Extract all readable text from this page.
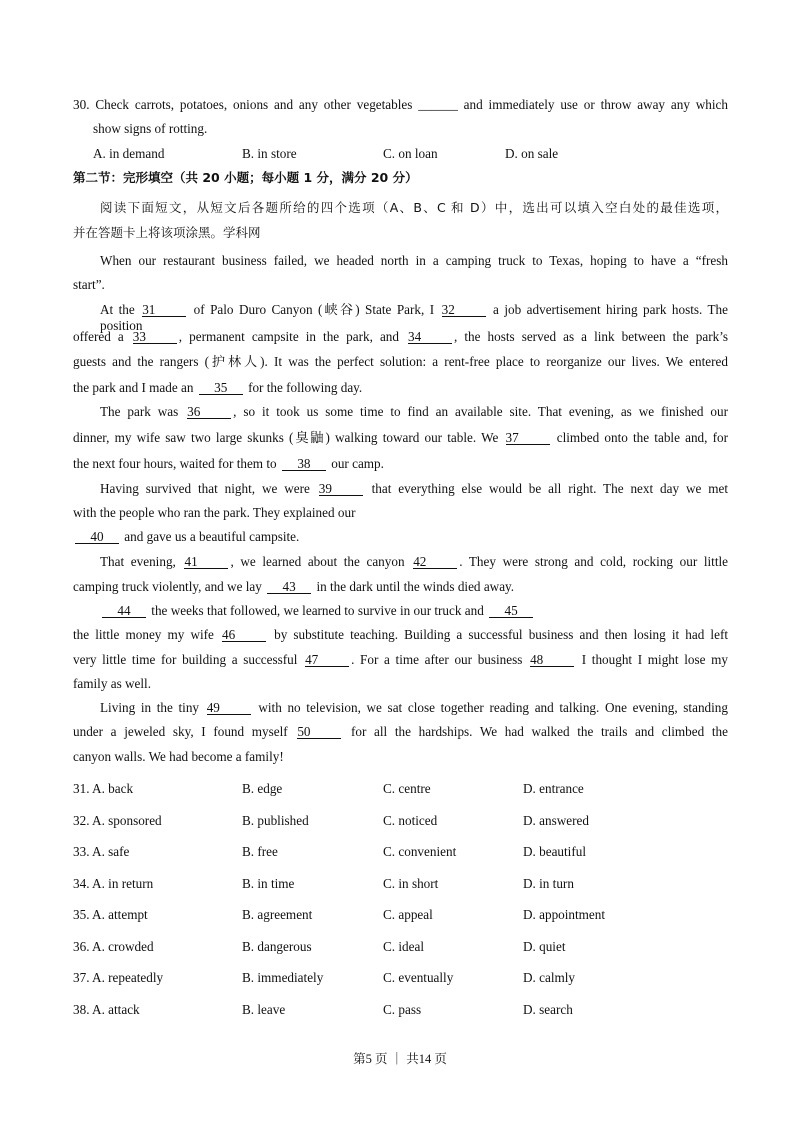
30. Check carrots, potatoes, onions and any other vegetables ______ and immediately use or throw away any which
show signs of rotting.
A. in demand	B. in store	C. on loan	D. on sale
第二节：完形填空（共 20 小题；每小题 1 分，满分 20 分）
阅读下面短文，从短文后各题所给的四个选项（A、B、C 和 D）中，选出可以填入空白处的最佳选项，
并在答题卡上将该项涂黑。学科网
When our restaurant business failed, we headed north in a camping truck to Texas, hoping to have a “fresh
start”.
At the 31 of Palo Duro Canyon (峡谷) State Park, I 32 a job advertisement hiring park hosts. The position
offered a 33 , permanent campsite in the park, and 34 , the hosts served as a link between the park’s
guests and the rangers (护林人). It was the perfect solution: a rent-free place to reorganize our lives. We entered
the park and I made an 35 for the following day.
The park was 36 , so it took us some time to find an available site. That evening, as we finished our
dinner, my wife saw two large skunks (臭鼬) walking toward our table. We 37 climbed onto the table and, for
the next four hours, waited for them to 38 our camp.
Having survived that night, we were 39 that everything else would be all right. The next day we met
with the people who ran the park. They explained our
40 and gave us a beautiful campsite.
That evening, 41 , we learned about the canyon 42 . They were strong and cold, rocking our little
camping truck violently, and we lay 43 in the dark until the winds died away.
44 the weeks that followed, we learned to survive in our truck and 45
the little money my wife 46 by substitute teaching. Building a successful business and then losing it had left
very little time for building a successful 47 . For a time after our business 48 I thought I might lose my
family as well.
Living in the tiny 49 with no television, we sat close together reading and talking. One evening, standing
under a jeweled sky, I found myself 50 for all the hardships. We had walked the trails and climbed the
canyon walls. We had become a family!
31. A. back	B. edge	C. centre	D. entrance
32. A. sponsored	B. published	C. noticed	D. answered
33. A. safe	B. free	C. convenient	D. beautiful
34. A. in return	B. in time	C. in short	D. in turn
35. A. attempt	B. agreement	C. appeal	D. appointment
36. A. crowded	B. dangerous	C. ideal	D. quiet
37. A. repeatedly	B. immediately	C. eventually	D. calmly
38. A. attack	B. leave	C. pass	D. search
第5 页 ｜ 共14 页
